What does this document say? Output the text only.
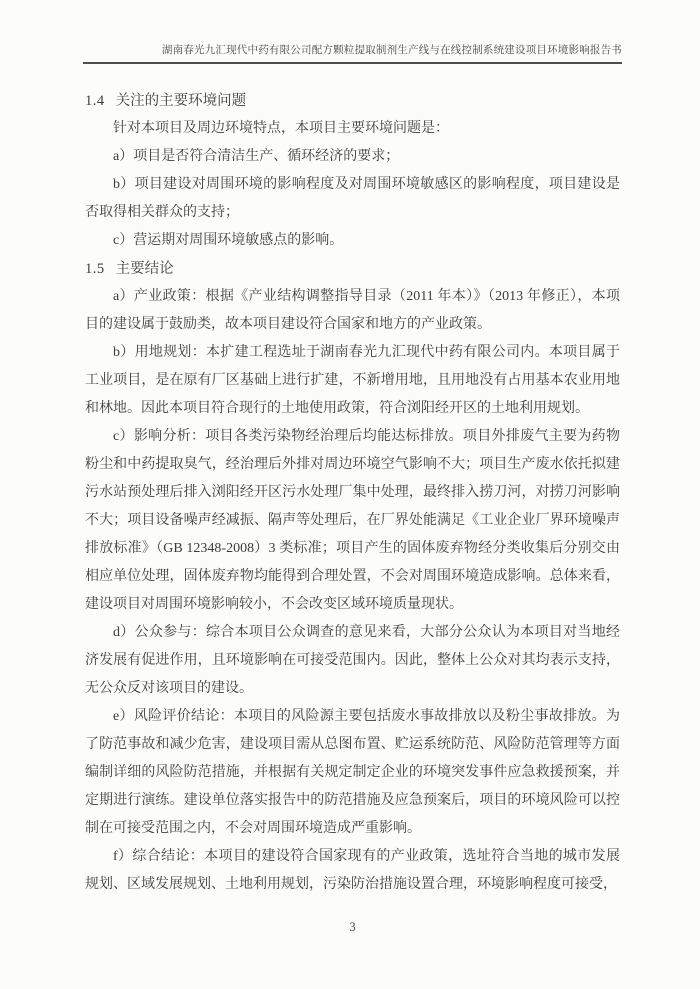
湖南春光九汇现代中药有限公司配方颗粒提取制剂生产线与在线控制系统建设项目环境影响报告书
1.4 关注的主要环境问题

针对本项目及周边环境特点，本项目主要环境问题是：

a）项目是否符合清洁生产、循环经济的要求；

b）项目建设对周围环境的影响程度及对周围环境敏感区的影响程度，项目建设是否取得相关群众的支持；

c）营运期对周围环境敏感点的影响。

1.5 主要结论

a）产业政策：根据《产业结构调整指导目录（2011 年本）》（2013 年修正），本项目的建设属于鼓励类，故本项目建设符合国家和地方的产业政策。

b）用地规划：本扩建工程选址于湖南春光九汇现代中药有限公司内。本项目属于工业项目，是在原有厂区基础上进行扩建，不新增用地，且用地没有占用基本农业用地和林地。因此本项目符合现行的土地使用政策，符合浏阳经开区的土地利用规划。

c）影响分析：项目各类污染物经治理后均能达标排放。项目外排废气主要为药物粉尘和中药提取臭气，经治理后外排对周边环境空气影响不大；项目生产废水依托拟建污水站预处理后排入浏阳经开区污水处理厂集中处理，最终排入捞刀河，对捞刀河影响不大；项目设备噪声经减振、隔声等处理后，在厂界处能满足《工业企业厂界环境噪声排放标准》（GB 12348-2008）3 类标准；项目产生的固体废弃物经分类收集后分别交由相应单位处理，固体废弃物均能得到合理处置，不会对周围环境造成影响。总体来看，建设项目对周围环境影响较小，不会改变区域环境质量现状。

d）公众参与：综合本项目公众调查的意见来看，大部分公众认为本项目对当地经济发展有促进作用，且环境影响在可接受范围内。因此，整体上公众对其均表示支持，无公众反对该项目的建设。

e）风险评价结论：本项目的风险源主要包括废水事故排放以及粉尘事故排放。为了防范事故和减少危害，建设项目需从总图布置、贮运系统防范、风险防范管理等方面编制详细的风险防范措施，并根据有关规定制定企业的环境突发事件应急救援预案，并定期进行演练。建设单位落实报告中的防范措施及应急预案后，项目的环境风险可以控制在可接受范围之内，不会对周围环境造成严重影响。

f）综合结论：本项目的建设符合国家现有的产业政策，选址符合当地的城市发展规划、区域发展规划、土地利用规划，污染防治措施设置合理，环境影响程度可接受，

3
